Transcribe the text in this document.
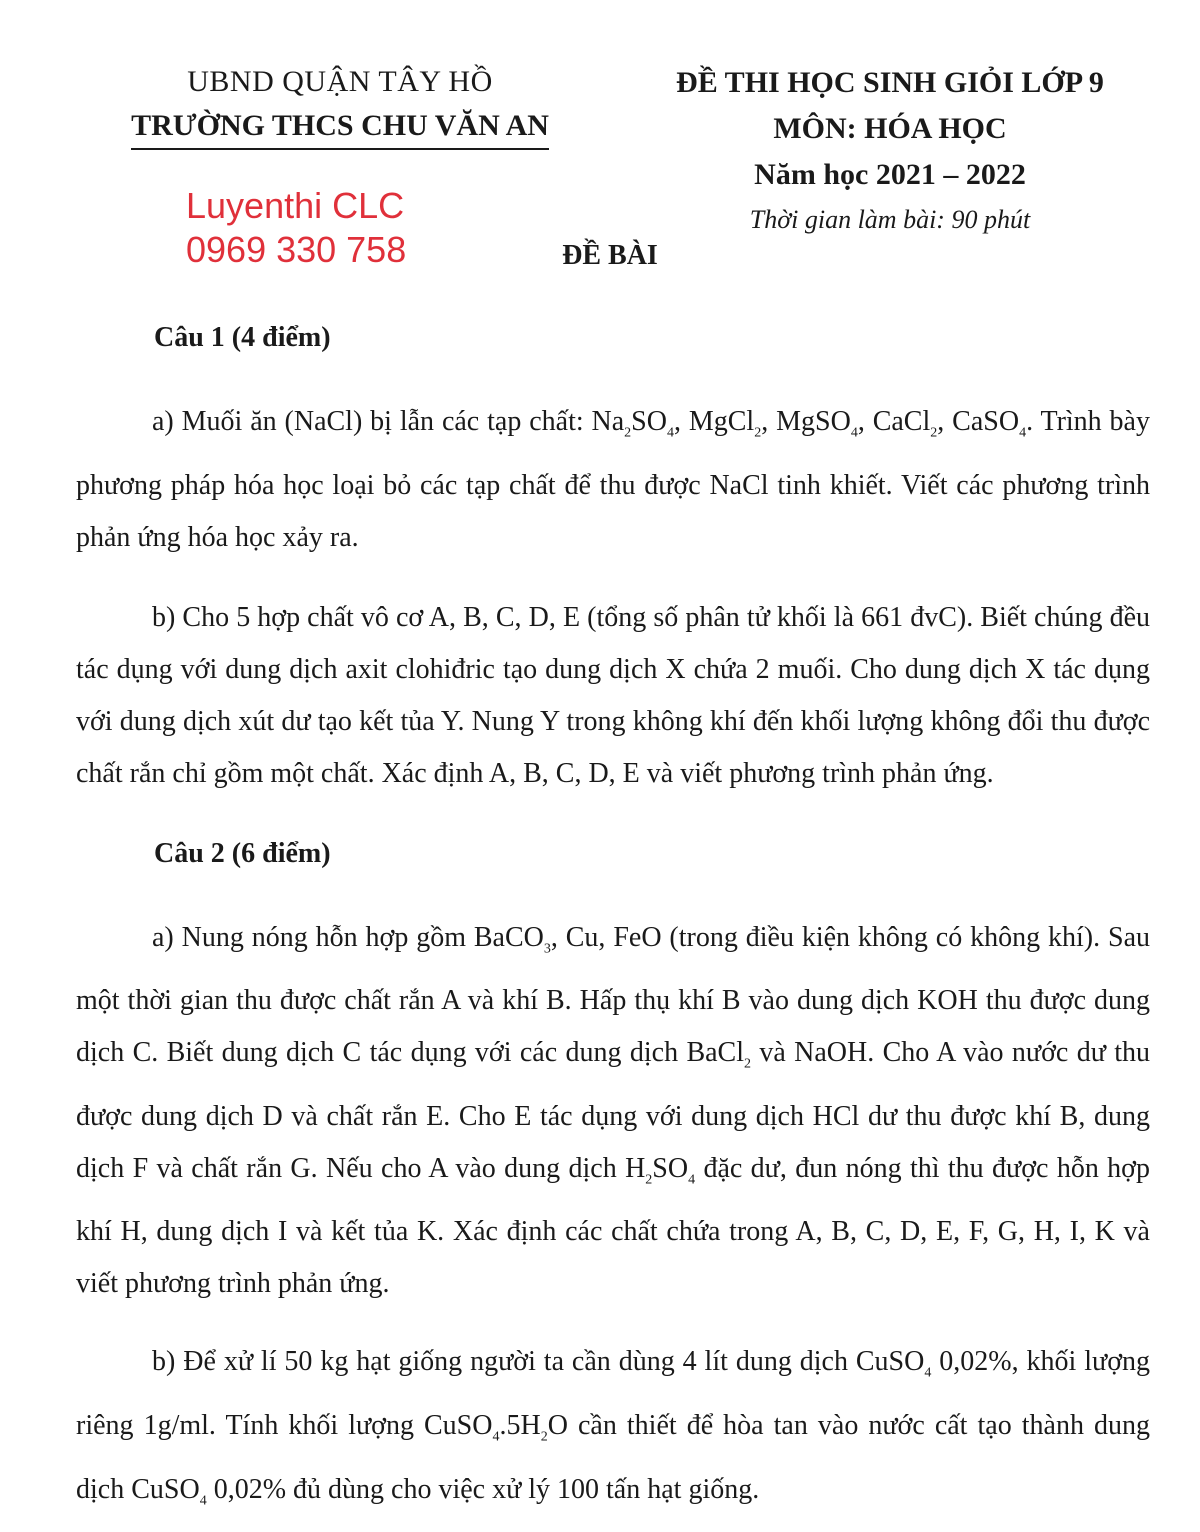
UBND QUẬN TÂY HỒ
TRƯỜNG THCS CHU VĂN AN
ĐỀ THI HỌC SINH GIỎI LỚP 9
MÔN: HÓA HỌC
Năm học 2021 – 2022
Thời gian làm bài: 90 phút
Luyenthi CLC
0969 330 758	ĐỀ BÀI
Câu 1 (4 điểm)

a) Muối ăn (NaCl) bị lẫn các tạp chất: $Na_2SO_4$, MgCl$_2$, MgSO$_4$, CaCl$_2$, CaSO$_4$. Trình bày phương pháp hóa học loại bỏ các tạp chất để thu được NaCl tinh khiết. Viết các phương trình phản ứng hóa học xảy ra.

b) Cho 5 hợp chất vô cơ A, B, C, D, E (tổng số phân tử khối là 661 đvC). Biết chúng đều tác dụng với dung dịch axit clohiđric tạo dung dịch X chứa 2 muối. Cho dung dịch X tác dụng với dung dịch xút dư tạo kết tủa Y. Nung Y trong không khí đến khối lượng không đổi thu được chất rắn chỉ gồm một chất. Xác định A, B, C, D, E và viết phương trình phản ứng.

Câu 2 (6 điểm)

a) Nung nóng hỗn hợp gồm BaCO$_3$, Cu, FeO (trong điều kiện không có không khí). Sau một thời gian thu được chất rắn A và khí B. Hấp thụ khí B vào dung dịch KOH thu được dung dịch C. Biết dung dịch C tác dụng với các dung dịch BaCl$_2$ và NaOH. Cho A vào nước dư thu được dung dịch D và chất rắn E. Cho E tác dụng với dung dịch HCl dư thu được khí B, dung dịch F và chất rắn G. Nếu cho A vào dung dịch $H_2SO_4$ đặc dư, đun nóng thì thu được hỗn hợp khí H, dung dịch I và kết tủa K. Xác định các chất chứa trong A, B, C, D, E, F, G, H, I, K và viết phương trình phản ứng.

b) Để xử lí 50 kg hạt giống người ta cần dùng 4 lít dung dịch CuSO$_4$ 0,02%, khối lượng riêng 1g/ml. Tính khối lượng $CuSO_4.5H_2O$ cần thiết để hòa tan vào nước cất tạo thành dung dịch CuSO$_4$ 0,02% đủ dùng cho việc xử lý 100 tấn hạt giống.
